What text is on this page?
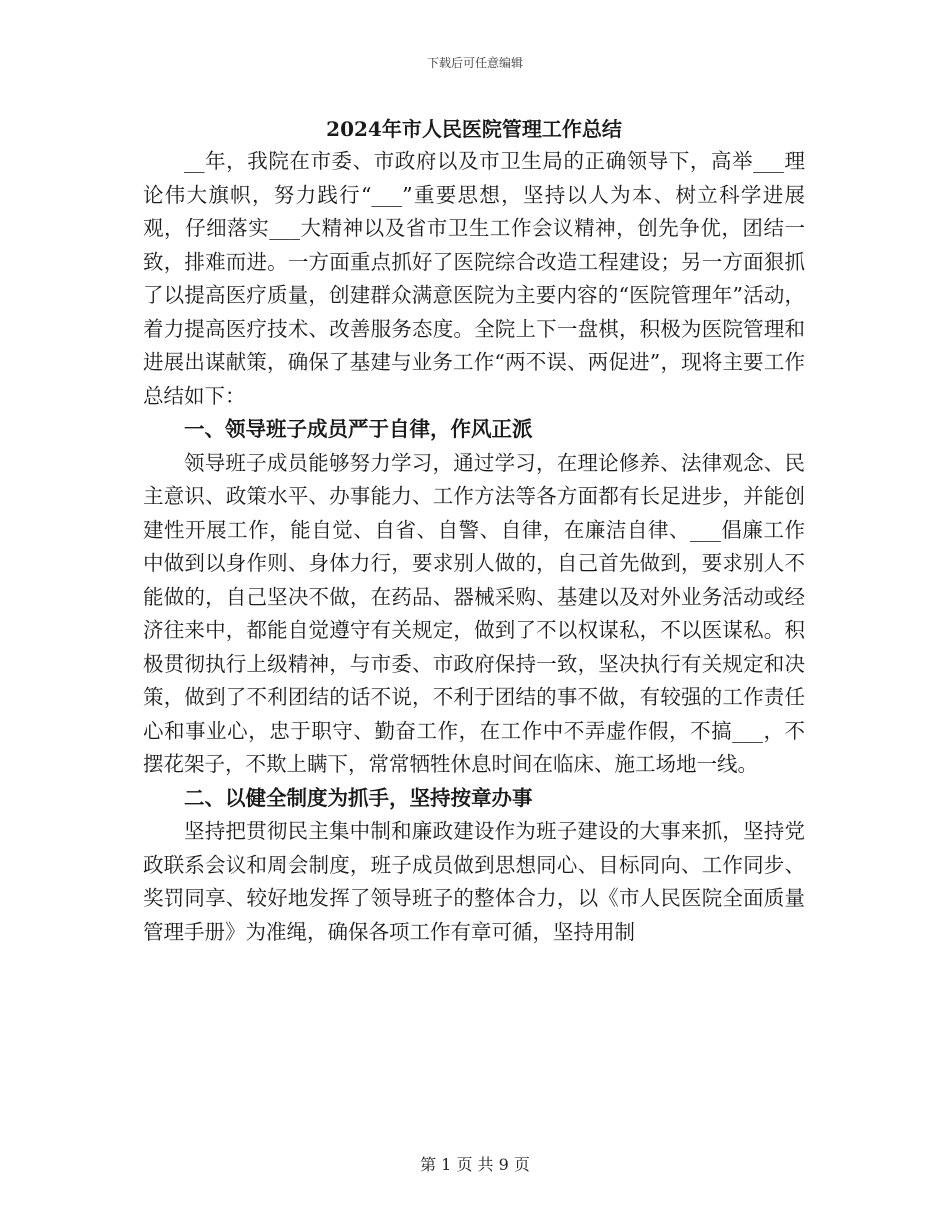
下载后可任意编辑
2024年市人民医院管理工作总结

__年，我院在市委、市政府以及市卫生局的正确领导下，高举___理论伟大旗帜，努力践行“___”重要思想，坚持以人为本、树立科学进展观，仔细落实___大精神以及省市卫生工作会议精神，创先争优，团结一致，排难而进。一方面重点抓好了医院综合改造工程建设；另一方面狠抓了以提高医疗质量，创建群众满意医院为主要内容的“医院管理年”活动，着力提高医疗技术、改善服务态度。全院上下一盘棋，积极为医院管理和进展出谋献策，确保了基建与业务工作“两不误、两促进”，现将主要工作总结如下：

一、领导班子成员严于自律，作风正派

领导班子成员能够努力学习，通过学习，在理论修养、法律观念、民主意识、政策水平、办事能力、工作方法等各方面都有长足进步，并能创建性开展工作，能自觉、自省、自警、自律，在廉洁自律、___倡廉工作中做到以身作则、身体力行，要求别人做的，自己首先做到，要求别人不能做的，自己坚决不做，在药品、器械采购、基建以及对外业务活动或经济往来中，都能自觉遵守有关规定，做到了不以权谋私，不以医谋私。积极贯彻执行上级精神，与市委、市政府保持一致，坚决执行有关规定和决策，做到了不利团结的话不说，不利于团结的事不做，有较强的工作责任心和事业心，忠于职守、勤奋工作，在工作中不弄虚作假，不搞___，不摆花架子，不欺上瞒下，常常牺牲休息时间在临床、施工场地一线。

二、以健全制度为抓手，坚持按章办事

坚持把贯彻民主集中制和廉政建设作为班子建设的大事来抓，坚持党政联系会议和周会制度，班子成员做到思想同心、目标同向、工作同步、奖罚同享、较好地发挥了领导班子的整体合力，以《市人民医院全面质量管理手册》为准绳，确保各项工作有章可循，坚持用制

第 1 页 共 9 页
